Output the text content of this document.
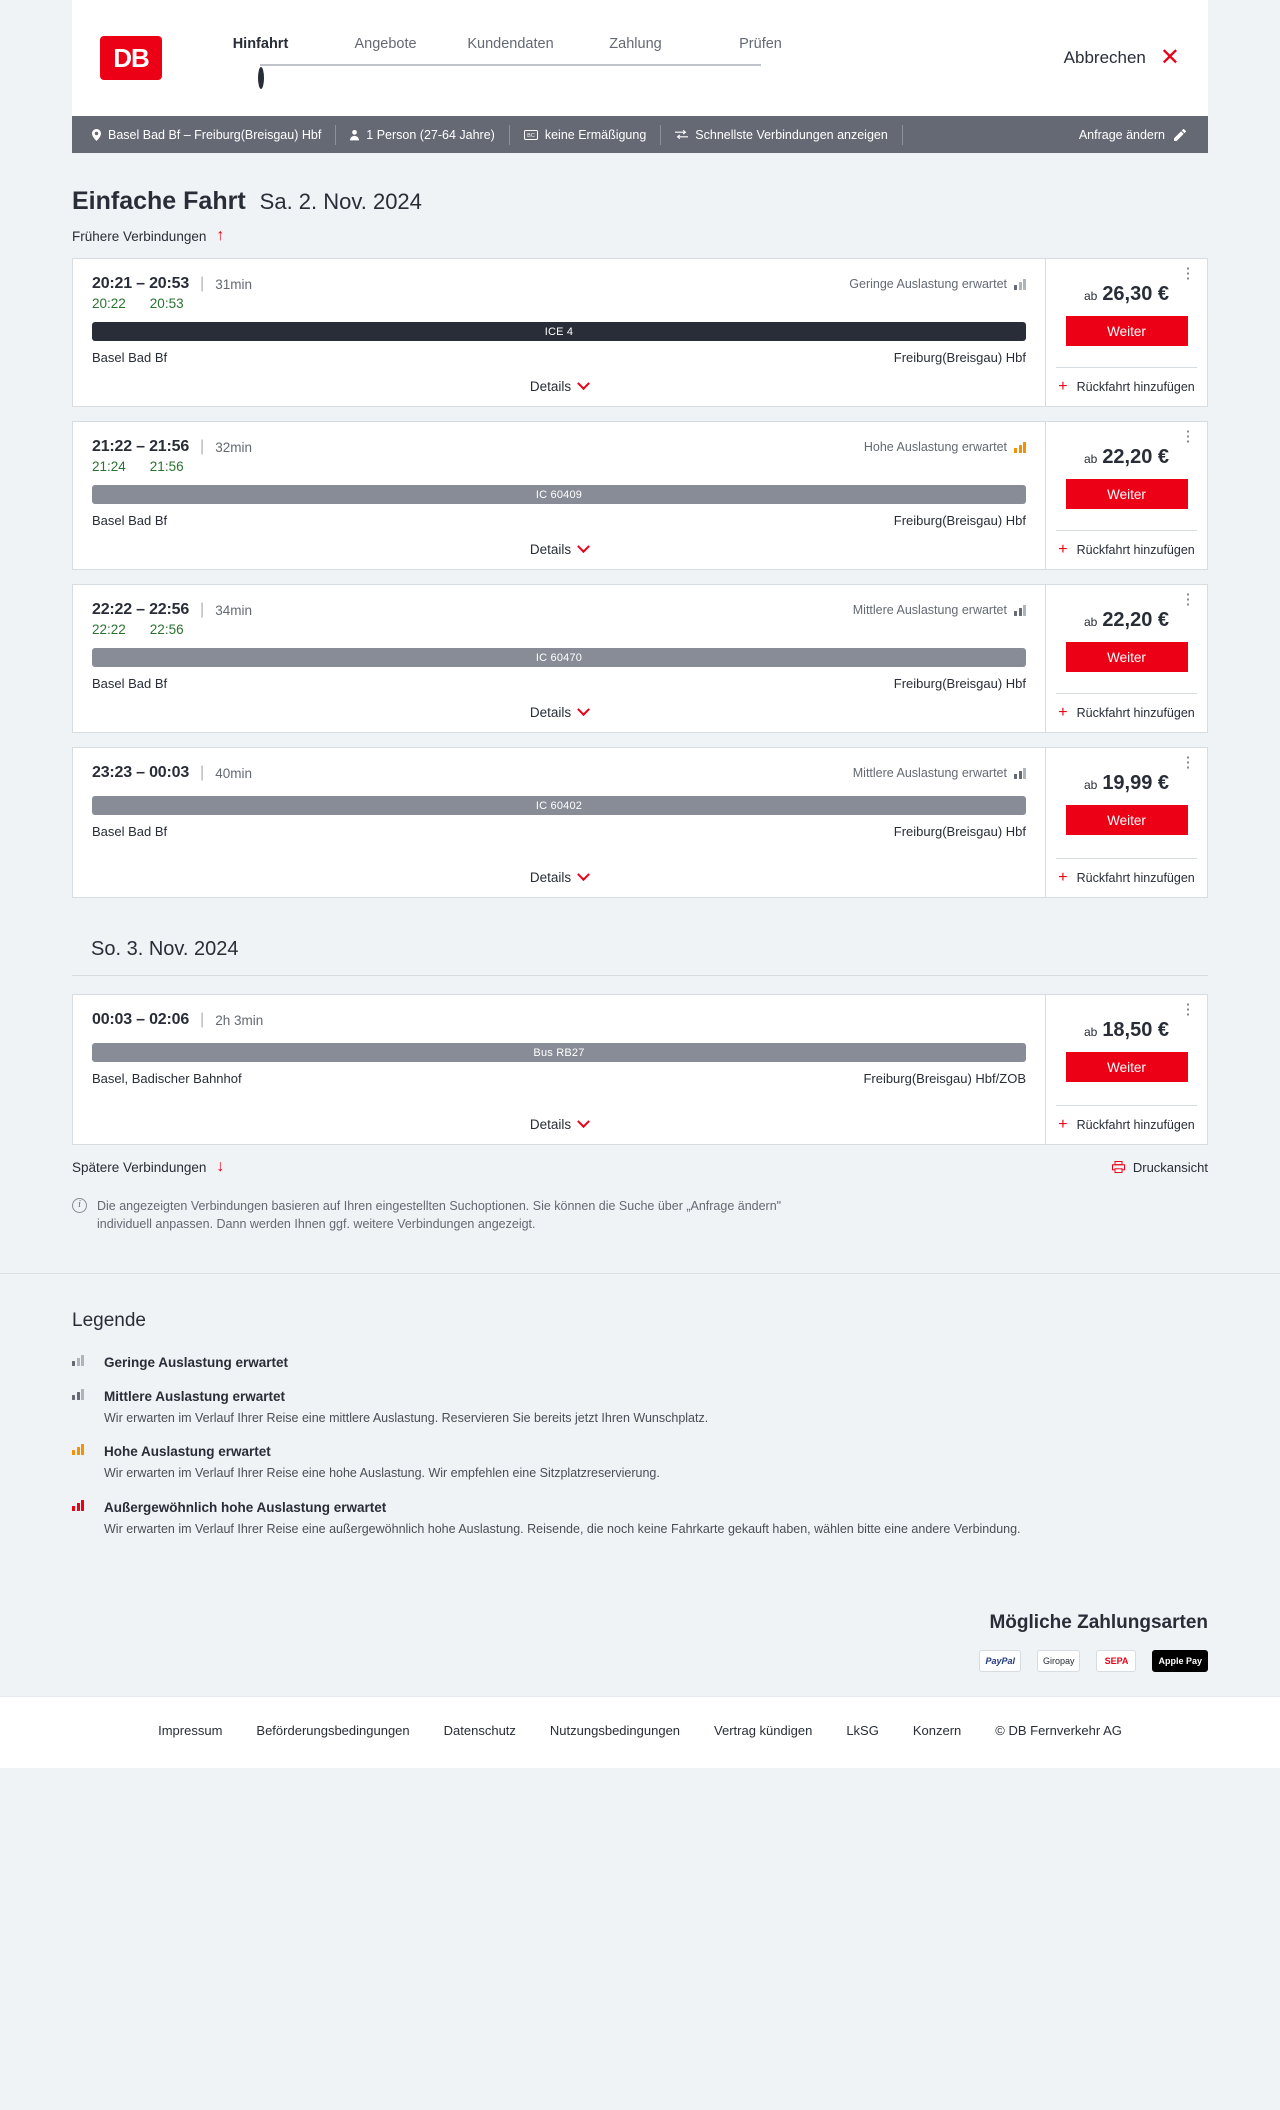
DB	Hinfahrt	Angebote	Kundendaten	Zahlung	Prüfen
Abbrechen ✕
Basel Bad Bf – Freiburg(Breisgau) Hbf	1 Person (27-64 Jahre)	BC keine Ermäßigung	Schnellste Verbindungen anzeigen	Anfrage ändern
Einfache Fahrt Sa. 2. Nov. 2024
Frühere Verbindungen ↑
20:21 – 20:53 | 31min	Geringe Auslastung erwartet
20:22 20:53
ICE 4
Basel Bad Bf	Freiburg(Breisgau) Hbf
Details
⋮
ab 26,30 €
Weiter
+ Rückfahrt hinzufügen
21:22 – 21:56 | 32min	Hohe Auslastung erwartet
21:24 21:56
IC 60409
Basel Bad Bf	Freiburg(Breisgau) Hbf
Details
⋮
ab 22,20 €
Weiter
+ Rückfahrt hinzufügen
22:22 – 22:56 | 34min	Mittlere Auslastung erwartet
22:22 22:56
IC 60470
Basel Bad Bf	Freiburg(Breisgau) Hbf
Details
⋮
ab 22,20 €
Weiter
+ Rückfahrt hinzufügen
23:23 – 00:03 | 40min	Mittlere Auslastung erwartet
IC 60402
Basel Bad Bf	Freiburg(Breisgau) Hbf
Details
⋮
ab 19,99 €
Weiter
+ Rückfahrt hinzufügen
So. 3. Nov. 2024
00:03 – 02:06 | 2h 3min
Bus RB27
Basel, Badischer Bahnhof	Freiburg(Breisgau) Hbf/ZOB
Details
⋮
ab 18,50 €
Weiter
+ Rückfahrt hinzufügen
Spätere Verbindungen ↓	Druckansicht
i	Die angezeigten Verbindungen basieren auf Ihren eingestellten Suchoptionen. Sie können die Suche über „Anfrage ändern" individuell anpassen. Dann werden Ihnen ggf. weitere Verbindungen angezeigt.
Legende
Geringe Auslastung erwartet
Mittlere Auslastung erwartet
Wir erwarten im Verlauf Ihrer Reise eine mittlere Auslastung. Reservieren Sie bereits jetzt Ihren Wunschplatz.
Hohe Auslastung erwartet
Wir erwarten im Verlauf Ihrer Reise eine hohe Auslastung. Wir empfehlen eine Sitzplatzreservierung.
Außergewöhnlich hohe Auslastung erwartet
Wir erwarten im Verlauf Ihrer Reise eine außergewöhnlich hohe Auslastung. Reisende, die noch keine Fahrkarte gekauft haben, wählen bitte eine andere Verbindung.
Mögliche Zahlungsarten
PayPal	Giropay	SEPA	Apple Pay
Impressum	Beförderungsbedingungen	Datenschutz	Nutzungsbedingungen	Vertrag kündigen	LkSG	Konzern	© DB Fernverkehr AG
